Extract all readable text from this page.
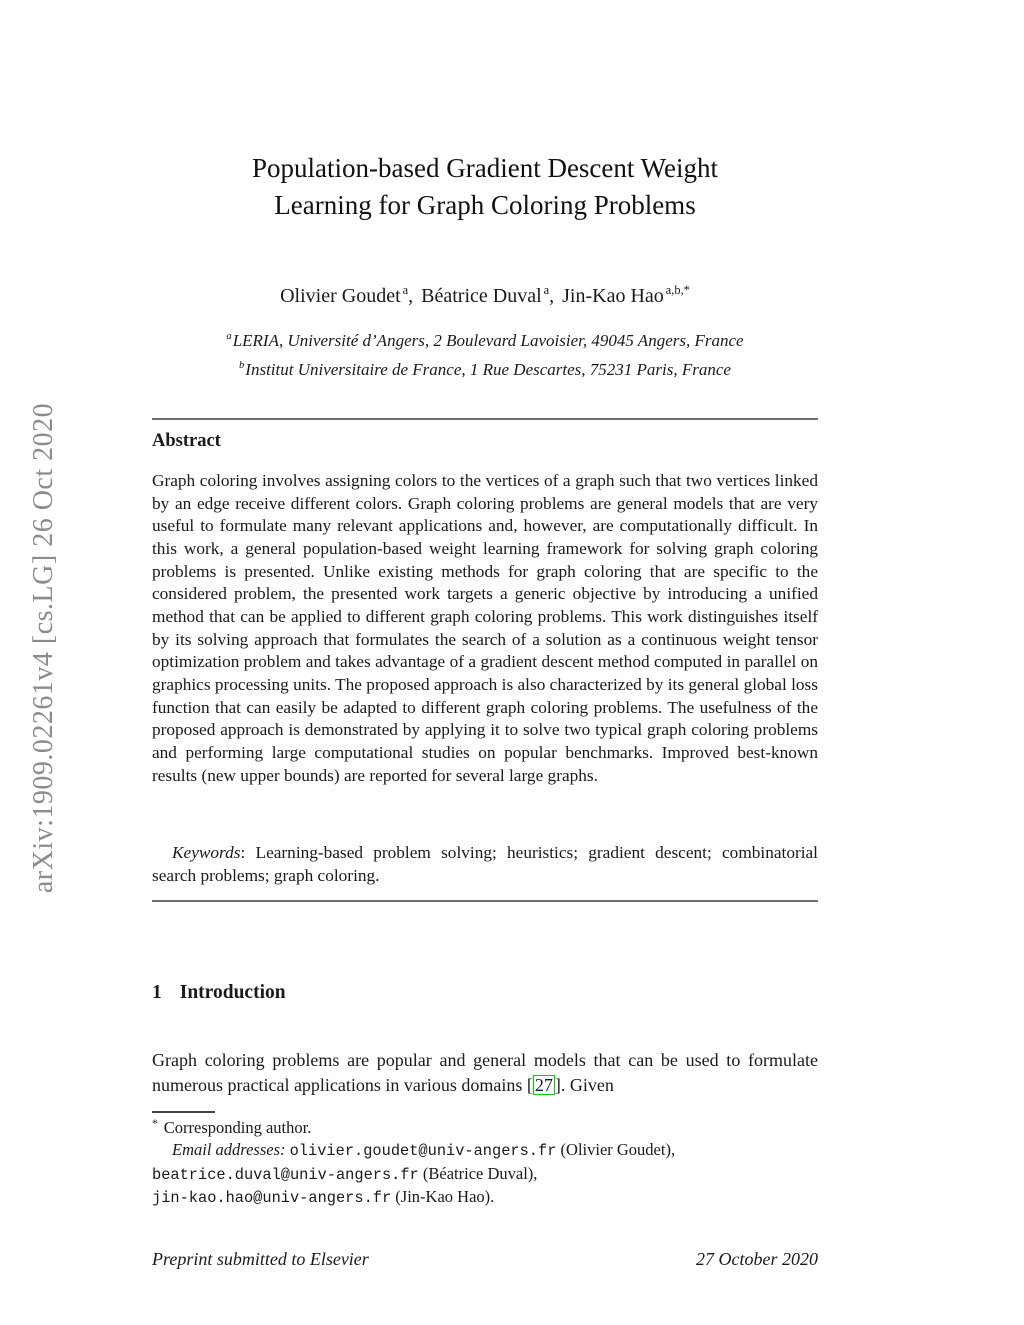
arXiv:1909.02261v4 [cs.LG] 26 Oct 2020
Population-based Gradient Descent Weight
Learning for Graph Coloring Problems
Olivier Goudet $^a$, Béatrice Duval $^a$, Jin-Kao Hao $^{a,b,*}$
$^a$LERIA, Université d’Angers, 2 Boulevard Lavoisier, 49045 Angers, France
$^b$Institut Universitaire de France, 1 Rue Descartes, 75231 Paris, France
Abstract
Graph coloring involves assigning colors to the vertices of a graph such that two vertices linked by an edge receive different colors. Graph coloring problems are general models that are very useful to formulate many relevant applications and, however, are computationally difficult. In this work, a general population-based weight learning framework for solving graph coloring problems is presented. Unlike existing methods for graph coloring that are specific to the considered problem, the presented work targets a generic objective by introducing a unified method that can be applied to different graph coloring problems. This work distinguishes itself by its solving approach that formulates the search of a solution as a continuous weight tensor optimization problem and takes advantage of a gradient descent method computed in parallel on graphics processing units. The proposed approach is also characterized by its general global loss function that can easily be adapted to different graph coloring problems. The usefulness of the proposed approach is demonstrated by applying it to solve two typical graph coloring problems and performing large computational studies on popular benchmarks. Improved best-known results (new upper bounds) are reported for several large graphs.
Keywords: Learning-based problem solving; heuristics; gradient descent; combinatorial search problems; graph coloring.
1 Introduction
Graph coloring problems are popular and general models that can be used to formulate numerous practical applications in various domains [ 27 ]. Given
* Corresponding author.
Email addresses: olivier.goudet@univ-angers.fr (Olivier Goudet),
beatrice.duval@univ-angers.fr (Béatrice Duval),
jin-kao.hao@univ-angers.fr (Jin-Kao Hao).
Preprint submitted to Elsevier	27 October 2020
